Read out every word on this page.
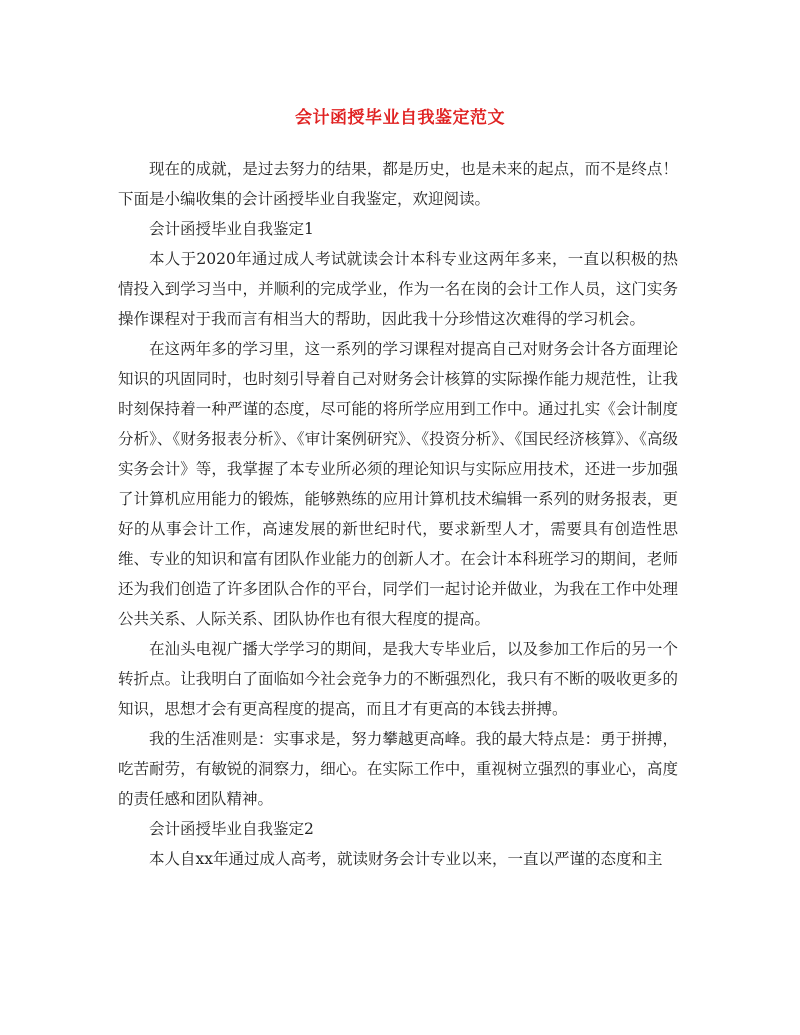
会计函授毕业自我鉴定范文

现在的成就，是过去努力的结果，都是历史，也是未来的起点，而不是终点！下面是小编收集的会计函授毕业自我鉴定，欢迎阅读。

会计函授毕业自我鉴定1

本人于2020年通过成人考试就读会计本科专业这两年多来，一直以积极的热情投入到学习当中，并顺利的完成学业，作为一名在岗的会计工作人员，这门实务操作课程对于我而言有相当大的帮助，因此我十分珍惜这次难得的学习机会。

在这两年多的学习里，这一系列的学习课程对提高自己对财务会计各方面理论知识的巩固同时，也时刻引导着自己对财务会计核算的实际操作能力规范性，让我时刻保持着一种严谨的态度，尽可能的将所学应用到工作中。通过扎实《会计制度分析》、《财务报表分析》、《审计案例研究》、《投资分析》、《国民经济核算》、《高级实务会计》等，我掌握了本专业所必须的理论知识与实际应用技术，还进一步加强了计算机应用能力的锻炼，能够熟练的应用计算机技术编辑一系列的财务报表，更好的从事会计工作，高速发展的新世纪时代，要求新型人才，需要具有创造性思维、专业的知识和富有团队作业能力的创新人才。在会计本科班学习的期间，老师还为我们创造了许多团队合作的平台，同学们一起讨论并做业，为我在工作中处理公共关系、人际关系、团队协作也有很大程度的提高。

在汕头电视广播大学学习的期间，是我大专毕业后，以及参加工作后的另一个转折点。让我明白了面临如今社会竞争力的不断强烈化，我只有不断的吸收更多的知识，思想才会有更高程度的提高，而且才有更高的本钱去拼搏。

我的生活准则是：实事求是，努力攀越更高峰。我的最大特点是：勇于拼搏，吃苦耐劳，有敏锐的洞察力，细心。在实际工作中，重视树立强烈的事业心，高度的责任感和团队精神。

会计函授毕业自我鉴定2

本人自xx年通过成人高考，就读财务会计专业以来，一直以严谨的态度和主
